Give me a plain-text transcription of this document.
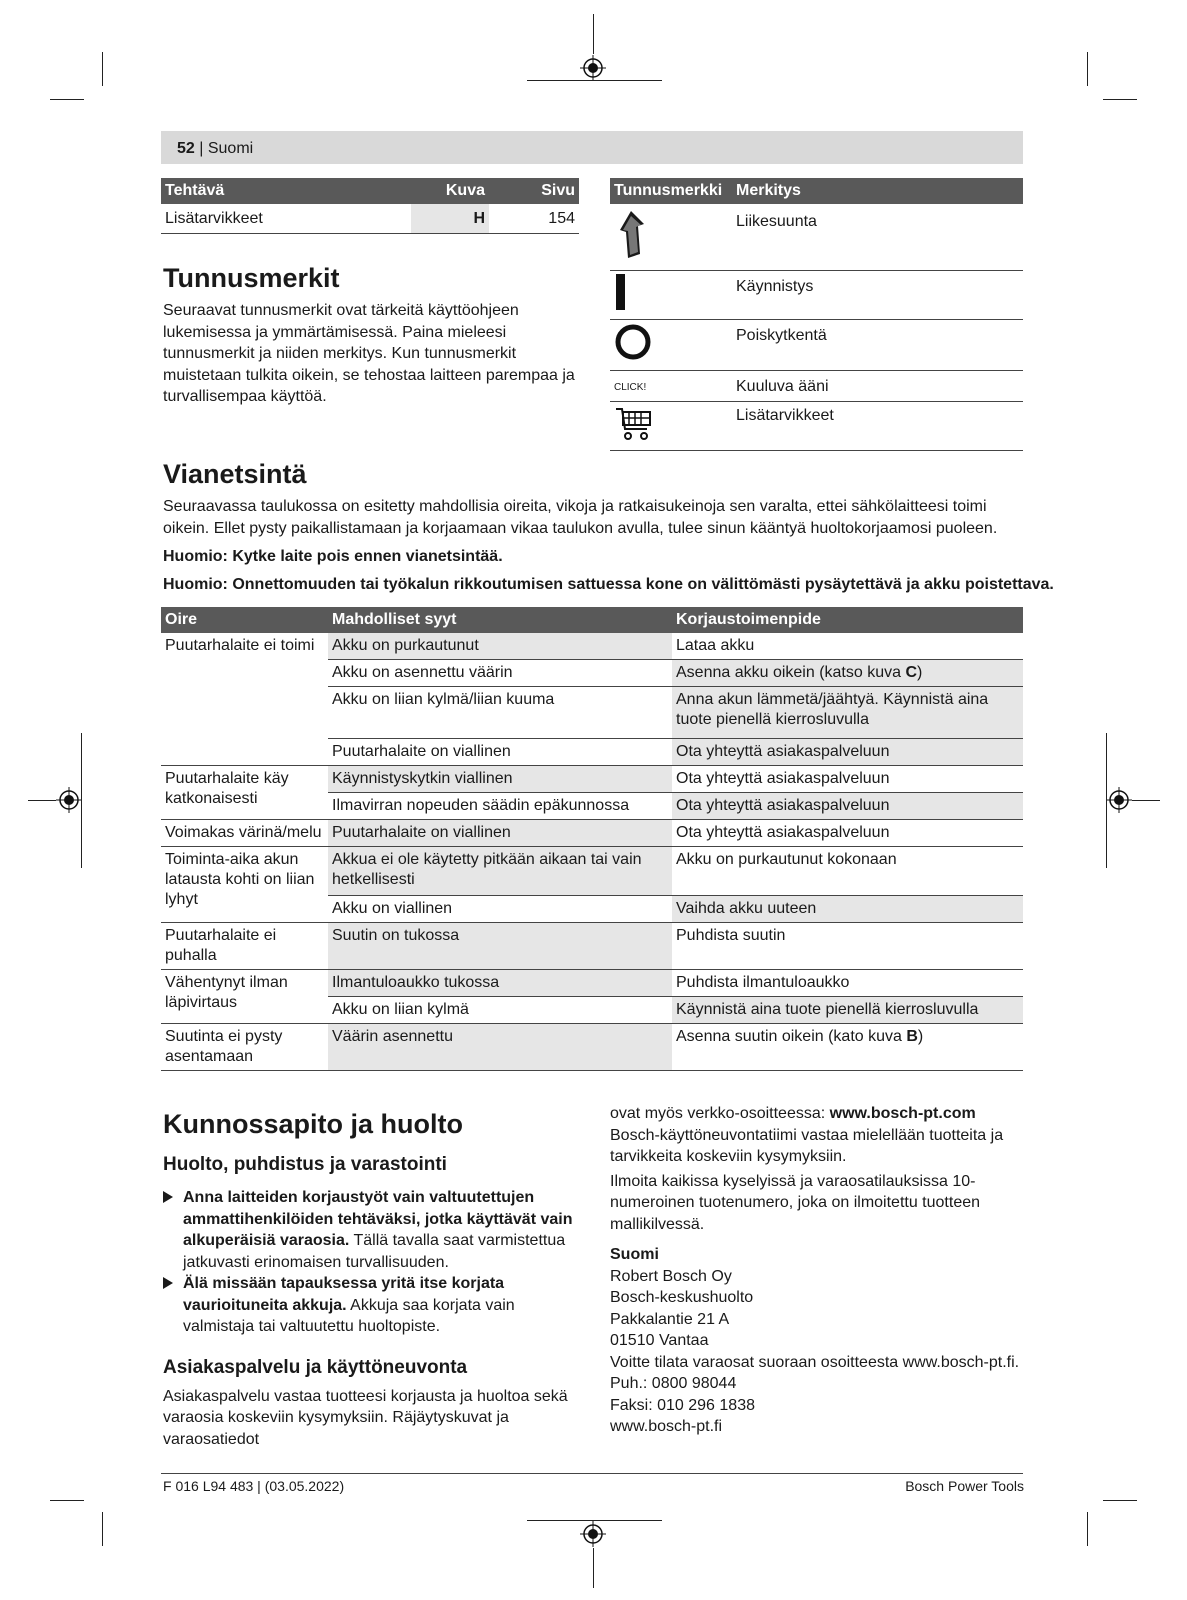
52 | Suomi
Tehtävä	Kuva	Sivu
Lisätarvikkeet	H	154
Tunnusmerkit

Seuraavat tunnusmerkit ovat tärkeitä käyttöohjeen lukemisessa ja ymmärtämisessä. Paina mieleesi tunnusmerkit ja niiden merkitys. Kun tunnusmerkit muistetaan tulkita oikein, se tehostaa laitteen parempaa ja turvallisempaa käyttöä.

Tunnusmerkki	Merkitys
	Liikesuunta
	Käynnistys
	Poiskytkentä
CLICK!	Kuuluva ääni
	Lisätarvikkeet
Vianetsintä

Seuraavassa taulukossa on esitetty mahdollisia oireita, vikoja ja ratkaisukeinoja sen varalta, ettei sähkölaitteesi toimi oikein. Ellet pysty paikallistamaan ja korjaamaan vikaa taulukon avulla, tulee sinun kääntyä huoltokorjaamosi puoleen.

Huomio: Kytke laite pois ennen vianetsintää.

Huomio: Onnettomuuden tai työkalun rikkoutumisen sattuessa kone on välittömästi pysäytettävä ja akku poistettava.

Oire	Mahdolliset syyt	Korjaustoimenpide
Puutarhalaite ei toimi	Akku on purkautunut	Lataa akku
	Akku on asennettu väärin	Asenna akku oikein (katso kuva C)
	Akku on liian kylmä/liian kuuma	Anna akun lämmetä/jäähtyä. Käynnistä aina tuote pienellä kierrosluvulla
	Puutarhalaite on viallinen	Ota yhteyttä asiakaspalveluun
Puutarhalaite käy katkonaisesti	Käynnistyskytkin viallinen	Ota yhteyttä asiakaspalveluun
	Ilmavirran nopeuden säädin epäkunnossa	Ota yhteyttä asiakaspalveluun
Voimakas värinä/melu	Puutarhalaite on viallinen	Ota yhteyttä asiakaspalveluun
Toiminta-aika akun latausta kohti on liian lyhyt	Akkua ei ole käytetty pitkään aikaan tai vain hetkellisesti	Akku on purkautunut kokonaan
	Akku on viallinen	Vaihda akku uuteen
Puutarhalaite ei puhalla	Suutin on tukossa	Puhdista suutin
Vähentynyt ilman läpivirtaus	Ilmantuloaukko tukossa	Puhdista ilmantuloaukko
	Akku on liian kylmä	Käynnistä aina tuote pienellä kierrosluvulla
Suutinta ei pysty asentamaan	Väärin asennettu	Asenna suutin oikein (kato kuva B)
Kunnossapito ja huolto
Huolto, puhdistus ja varastointi

Anna laitteiden korjaustyöt vain valtuutettujen ammattihenkilöiden tehtäväksi, jotka käyttävät vain alkuperäisiä varaosia. Tällä tavalla saat varmistettua jatkuvasti erinomaisen turvallisuuden.

Älä missään tapauksessa yritä itse korjata vaurioituneita akkuja. Akkuja saa korjata vain valmistaja tai valtuutettu huoltopiste.

Asiakaspalvelu ja käyttöneuvonta

Asiakaspalvelu vastaa tuotteesi korjausta ja huoltoa sekä varaosia koskeviin kysymyksiin. Räjäytyskuvat ja varaosatiedot

ovat myös verkko-osoitteessa: www.bosch-pt.com

Bosch-käyttöneuvontatiimi vastaa mielellään tuotteita ja tarvikkeita koskeviin kysymyksiin.

Ilmoita kaikissa kyselyissä ja varaosatilauksissa 10-numeroinen tuotenumero, joka on ilmoitettu tuotteen mallikilvessä.

Suomi

Robert Bosch Oy

Bosch-keskushuolto

Pakkalantie 21 A

01510 Vantaa

Voitte tilata varaosat suoraan osoitteesta www.bosch-pt.fi.

Puh.: 0800 98044

Faksi: 010 296 1838

www.bosch-pt.fi

F 016 L94 483 | (03.05.2022)	Bosch Power Tools
